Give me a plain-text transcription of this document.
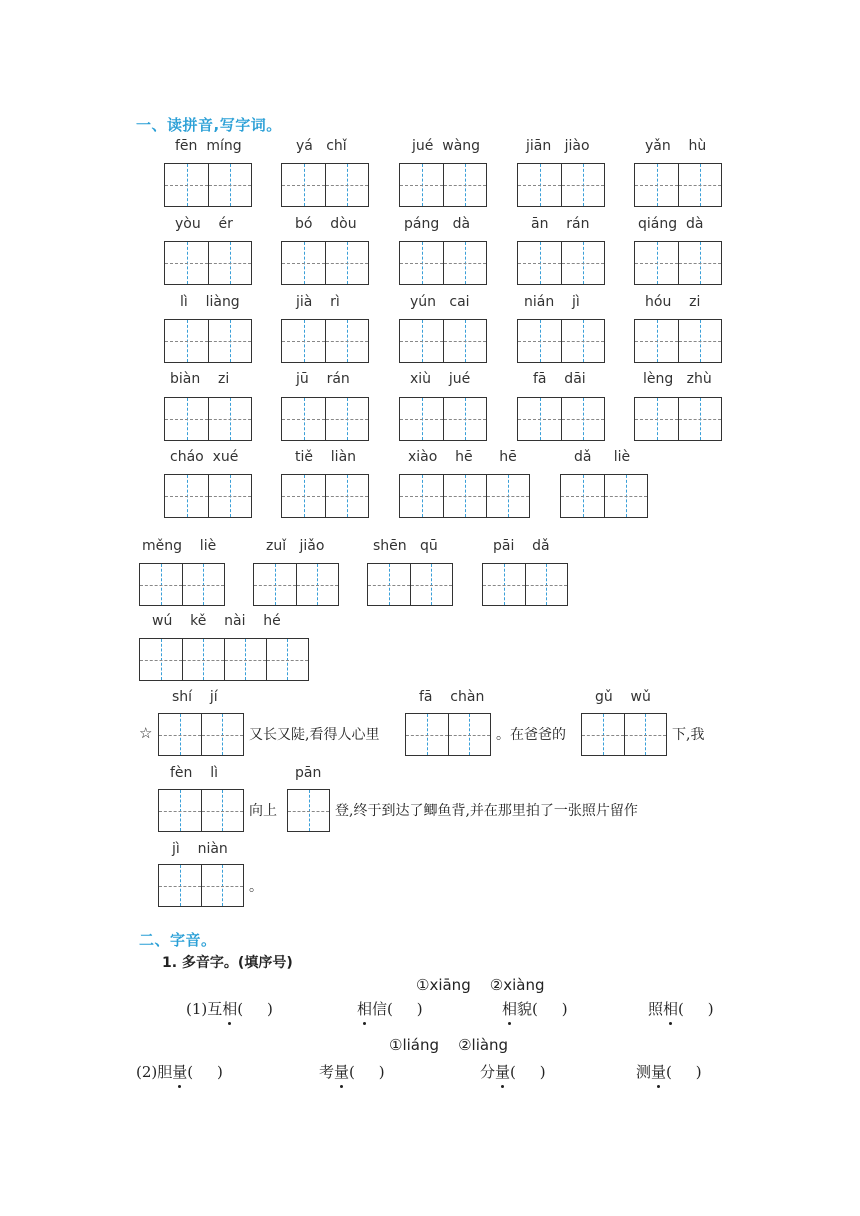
一、读拼音,写字词。
fēn  míng	yá   chǐ	jué  wàng	jiān   jiào	yǎn    hù
yòu    ér	bó    dòu	páng   dà	ān    rán	qiáng  dà
lì    liàng	jià    rì	yún   cai	nián    jì	hóu    zi
biàn    zi	jū    rán	xiù    jué	fā    dāi	lèng   zhù
cháo  xué	tiě    liàn	xiào    hē      hē	dǎ     liè
měng    liè	zuǐ   jiǎo	shēn   qū	pāi    dǎ
wú    kě    nài    hé
shí    jí	fā    chàn	gǔ    wǔ
☆	又长又陡,看得人心里	。在爸爸的	下,我
fèn    lì	pān
向上	登,终于到达了鲫鱼背,并在那里拍了一张照片留作
jì    niàn
。
二、字音。
1. 多音字。(填序号)
①xiāng    ②xiàng
(1)互相(     )	相信(     )	相貌(     )	照相(     )
①liáng    ②liàng
(2)胆量(     )	考量(     )	分量(     )	测量(     )
